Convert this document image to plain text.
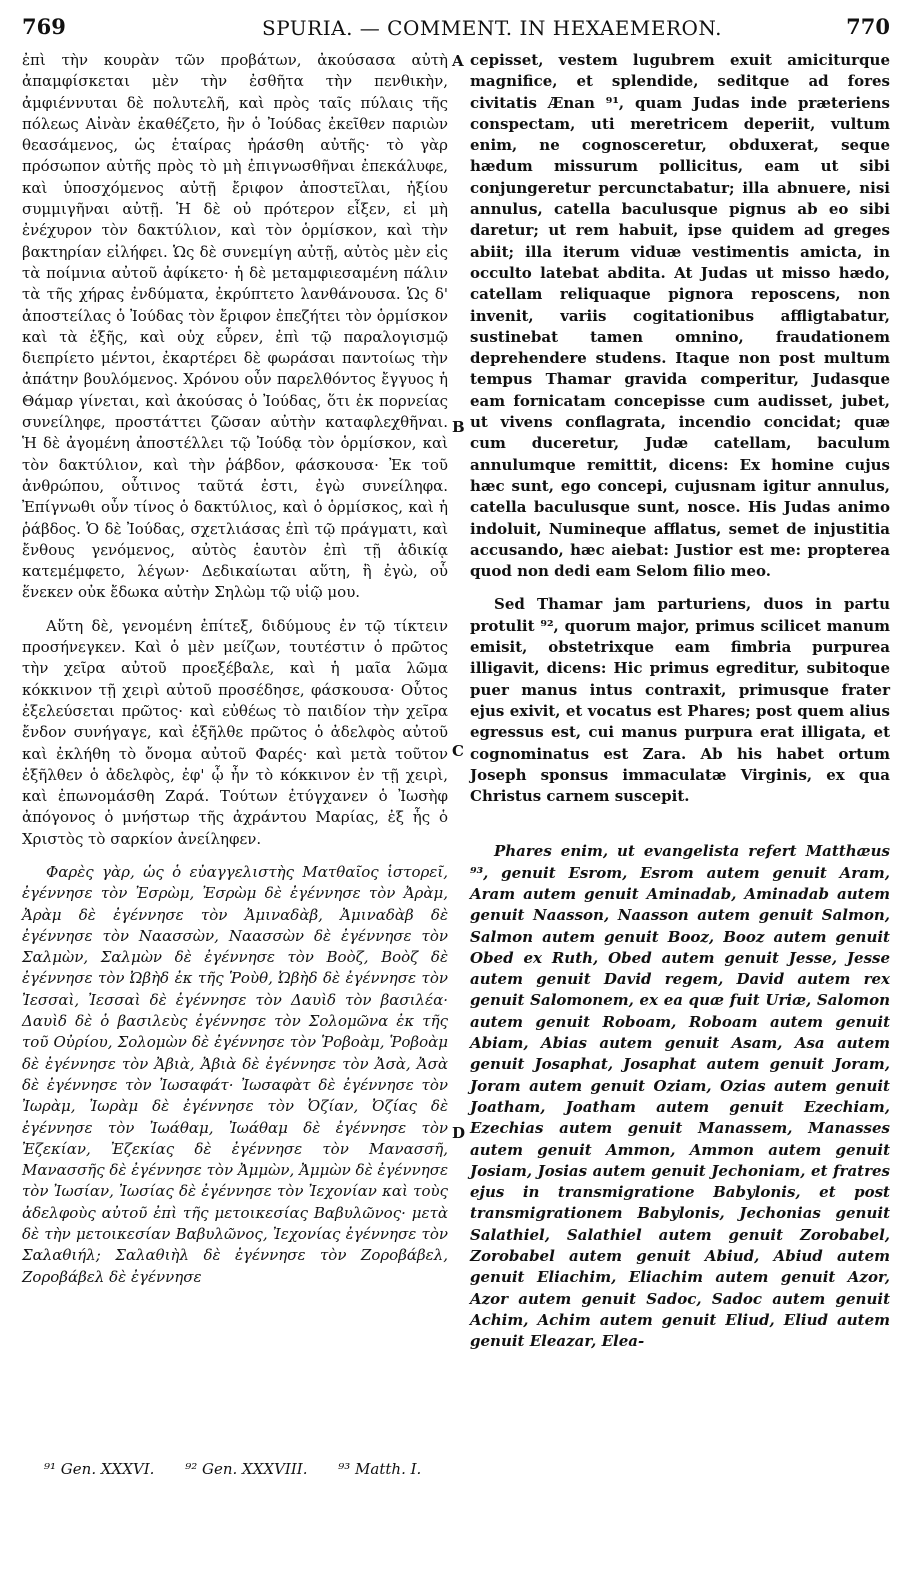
769	SPURIA. — COMMENT. IN HEXAEMERON.	770

ἐπὶ τὴν κουρὰν τῶν προβάτων, ἀκούσασα αὐτὴ ἀπαμφίσκεται μὲν τὴν ἐσθῆτα τὴν πενθικὴν, ἀμφιέννυται δὲ πολυτελῆ, καὶ πρὸς ταῖς πύλαις τῆς πόλεως Αἰνὰν ἐκαθέζετο, ἣν ὁ Ἰούδας ἐκεῖθεν παριὼν θεασάμενος, ὡς ἑταίρας ἠράσθη αὐτῆς· τὸ γὰρ πρόσωπον αὐτῆς πρὸς τὸ μὴ ἐπιγνωσθῆναι ἐπεκάλυφε, καὶ ὑποσχόμενος αὐτῇ ἔριφον ἀποστεῖλαι, ἠξίου συμμιγῆναι αὐτῇ. Ἡ δὲ οὐ πρότερον εἶξεν, εἰ μὴ ἐνέχυρον τὸν δακτύλιον, καὶ τὸν ὁρμίσκον, καὶ τὴν βακτηρίαν εἰλήφει. Ὡς δὲ συνεμίγη αὐτῇ, αὐτὸς μὲν εἰς τὰ ποίμνια αὐτοῦ ἀφίκετο· ἡ δὲ μεταμφιεσαμένη πάλιν τὰ τῆς χήρας ἐνδύματα, ἐκρύπτετο λανθάνουσα. Ὡς δ' ἀποστείλας ὁ Ἰούδας τὸν ἔριφον ἐπεζήτει τὸν ὁρμίσκον καὶ τὰ ἑξῆς, καὶ οὐχ εὗρεν, ἐπὶ τῷ παραλογισμῷ διεπρίετο μέντοι, ἐκαρτέρει δὲ φωράσαι παντοίως τὴν ἀπάτην βουλόμενος. Χρόνου οὖν παρελθόντος ἔγγυος ἡ Θάμαρ γίνεται, καὶ ἀκούσας ὁ Ἰούδας, ὅτι ἐκ πορνείας συνείληφε, προστάττει ζῶσαν αὐτὴν καταφλεχθῆναι. Ἡ δὲ ἀγομένη ἀποστέλλει τῷ Ἰούδᾳ τὸν ὁρμίσκον, καὶ τὸν δακτύλιον, καὶ τὴν ῥάβδον, φάσκουσα· Ἐκ τοῦ ἀνθρώπου, οὗτινος ταῦτά ἐστι, ἐγὼ συνείληφα. Ἐπίγνωθι οὖν τίνος ὁ δακτύλιος, καὶ ὁ ὁρμίσκος, καὶ ἡ ῥάβδος. Ὁ δὲ Ἰούδας, σχετλιάσας ἐπὶ τῷ πράγματι, καὶ ἔνθους γενόμενος, αὐτὸς ἑαυτὸν ἐπὶ τῇ ἀδικίᾳ κατεμέμφετο, λέγων· Δεδικαίωται αὕτη, ἢ ἐγὼ, οὗ ἕνεκεν οὐκ ἔδωκα αὐτὴν Σηλὼμ τῷ υἱῷ μου.

Αὕτη δὲ, γενομένη ἐπίτεξ, διδύμους ἐν τῷ τίκτειν προσήνεγκεν. Καὶ ὁ μὲν μείζων, τουτέστιν ὁ πρῶτος τὴν χεῖρα αὐτοῦ προεξέβαλε, καὶ ἡ μαῖα λῶμα κόκκινον τῇ χειρὶ αὐτοῦ προσέδησε, φάσκουσα· Οὗτος ἐξελεύσεται πρῶτος· καὶ εὐθέως τὸ παιδίον τὴν χεῖρα ἔνδον συνήγαγε, καὶ ἐξῆλθε πρῶτος ὁ ἀδελφὸς αὐτοῦ καὶ ἐκλήθη τὸ ὄνομα αὐτοῦ Φαρές· καὶ μετὰ τοῦτον ἐξῆλθεν ὁ ἀδελφὸς, ἐφ' ᾧ ἦν τὸ κόκκινον ἐν τῇ χειρὶ, καὶ ἐπωνομάσθη Ζαρά. Τούτων ἐτύγχανεν ὁ Ἰωσὴφ ἀπόγονος ὁ μνήστωρ τῆς ἀχράντου Μαρίας, ἐξ ἧς ὁ Χριστὸς τὸ σαρκίον ἀνείληφεν.

Φαρὲς γὰρ, ὡς ὁ εὐαγγελιστὴς Ματθαῖος ἱστορεῖ, ἐγέννησε τὸν Ἐσρὼμ, Ἐσρὼμ δὲ ἐγέννησε τὸν Ἀρὰμ, Ἀρὰμ δὲ ἐγέννησε τὸν Ἀμιναδὰβ, Ἀμιναδὰβ δὲ ἐγέννησε τὸν Ναασσὼν, Ναασσὼν δὲ ἐγέννησε τὸν Σαλμὼν, Σαλμὼν δὲ ἐγέννησε τὸν Βοὸζ, Βοὸζ δὲ ἐγέννησε τὸν Ὠβὴδ ἐκ τῆς Ῥοὺθ, Ὠβὴδ δὲ ἐγέννησε τὸν Ἰεσσαὶ, Ἰεσσαὶ δὲ ἐγέννησε τὸν Δαυὶδ τὸν βασιλέα· Δαυὶδ δὲ ὁ βασιλεὺς ἐγέννησε τὸν Σολομῶνα ἐκ τῆς τοῦ Οὐρίου, Σολομὼν δὲ ἐγέννησε τὸν Ῥοβοὰμ, Ῥοβοὰμ δὲ ἐγέννησε τὸν Ἀβιὰ, Ἀβιὰ δὲ ἐγέννησε τὸν Ἀσὰ, Ἀσὰ δὲ ἐγέννησε τὸν Ἰωσαφάτ· Ἰωσαφὰτ δὲ ἐγέννησε τὸν Ἰωρὰμ, Ἰωρὰμ δὲ ἐγέννησε τὸν Ὀζίαν, Ὀζίας δὲ ἐγέννησε τὸν Ἰωάθαμ, Ἰωάθαμ δὲ ἐγέννησε τὸν Ἐζεκίαν, Ἐζεκίας δὲ ἐγέννησε τὸν Μανασσῆ, Μανασσῆς δὲ ἐγέννησε τὸν Ἀμμὼν, Ἀμμὼν δὲ ἐγέννησε τὸν Ἰωσίαν, Ἰωσίας δὲ ἐγέννησε τὸν Ἰεχονίαν καὶ τοὺς ἀδελφοὺς αὐτοῦ ἐπὶ τῆς μετοικεσίας Βαβυλῶνος· μετὰ δὲ τὴν μετοικεσίαν Βαβυλῶνος, Ἰεχονίας ἐγέννησε τὸν Σαλαθιήλ; Σαλαθιὴλ δὲ ἐγέννησε τὸν Ζοροβάβελ, Ζοροβάβελ δὲ ἐγέννησε

A
B
C
D

cepisset, vestem lugubrem exuit amiciturque magnifice, et splendide, seditque ad fores civitatis Ænan ⁹¹, quam Judas inde præteriens conspectam, uti meretricem deperiit, vultum enim, ne cognosceretur, obduxerat, seque hædum missurum pollicitus, eam ut sibi conjungeretur percunctabatur; illa abnuere, nisi annulus, catella baculusque pignus ab eo sibi daretur; ut rem habuit, ipse quidem ad greges abiit; illa iterum viduæ vestimentis amicta, in occulto latebat abdita. At Judas ut misso hædo, catellam reliquaque pignora reposcens, non invenit, variis cogitationibus affligtabatur, sustinebat tamen omnino, fraudationem deprehendere studens. Itaque non post multum tempus Thamar gravida comperitur, Judasque eam fornicatam concepisse cum audisset, jubet, ut vivens conflagrata, incendio concidat; quæ cum duceretur, Judæ catellam, baculum annulumque remittit, dicens: Ex homine cujus hæc sunt, ego concepi, cujusnam igitur annulus, catella baculusque sunt, nosce. His Judas animo indoluit, Numineque afflatus, semet de injustitia accusando, hæc aiebat: Justior est me: propterea quod non dedi eam Selom filio meo.

Sed Thamar jam parturiens, duos in partu protulit ⁹², quorum major, primus scilicet manum emisit, obstetrixque eam fimbria purpurea illigavit, dicens: Hic primus egreditur, subitoque puer manus intus contraxit, primusque frater ejus exivit, et vocatus est Phares; post quem alius egressus est, cui manus purpura erat illigata, et cognominatus est Zara. Ab his habet ortum Joseph sponsus immaculatæ Virginis, ex qua Christus carnem suscepit.

Phares enim, ut evangelista refert Matthæus ⁹³, genuit Esrom, Esrom autem genuit Aram, Aram autem genuit Aminadab, Aminadab autem genuit Naasson, Naasson autem genuit Salmon, Salmon autem genuit Booz, Booz autem genuit Obed ex Ruth, Obed autem genuit Jesse, Jesse autem genuit David regem, David autem rex genuit Salomonem, ex ea quæ fuit Uriæ, Salomon autem genuit Roboam, Roboam autem genuit Abiam, Abias autem genuit Asam, Asa autem genuit Josaphat, Josaphat autem genuit Joram, Joram autem genuit Oziam, Ozias autem genuit Joatham, Joatham autem genuit Ezechiam, Ezechias autem genuit Manassem, Manasses autem genuit Ammon, Ammon autem genuit Josiam, Josias autem genuit Jechoniam, et fratres ejus in transmigratione Babylonis, et post transmigrationem Babylonis, Jechonias genuit Salathiel, Salathiel autem genuit Zorobabel, Zorobabel autem genuit Abiud, Abiud autem genuit Eliachim, Eliachim autem genuit Azor, Azor autem genuit Sadoc, Sadoc autem genuit Achim, Achim autem genuit Eliud, Eliud autem genuit Eleazar, Elea-

⁹¹ Gen. XXXVI. ⁹² Gen. XXXVIII. ⁹³ Matth. I.
